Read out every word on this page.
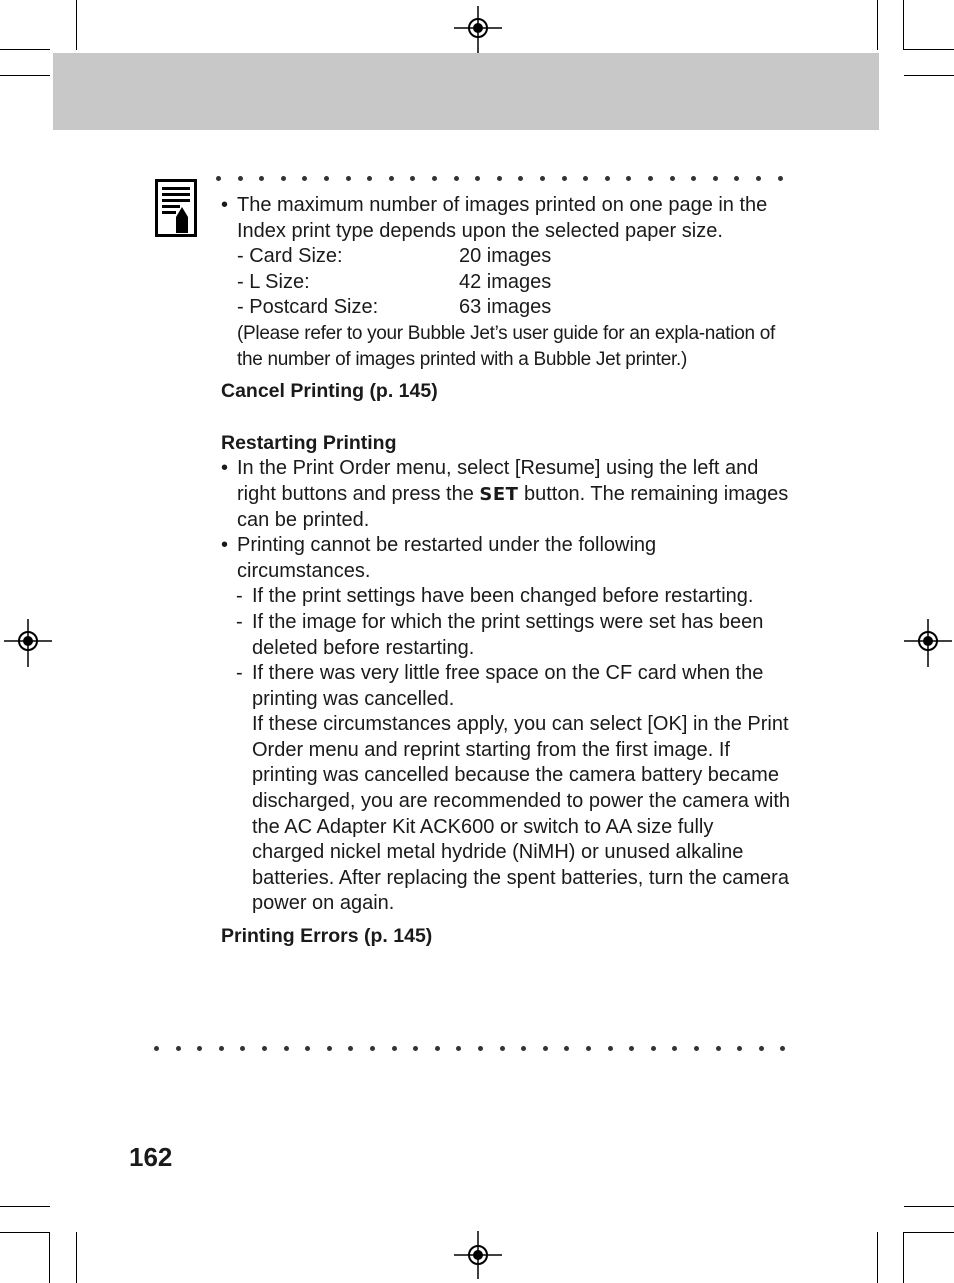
• The maximum number of images printed on one page in the Index print type depends upon the selected paper size.
- Card Size:	20 images
- L Size:	42 images
- Postcard Size:	63 images
(Please refer to your Bubble Jet’s user guide for an expla-nation of the number of images printed with a Bubble Jet printer.)
Cancel Printing (p. 145)
Restarting Printing
• In the Print Order menu, select [Resume] using the left and right buttons and press the SET button. The remaining images can be printed.
• Printing cannot be restarted under the following circumstances.
- If the print settings have been changed before restarting.
- If the image for which the print settings were set has been deleted before restarting.
- If there was very little free space on the CF card when the printing was cancelled.
If these circumstances apply, you can select [OK] in the Print Order menu and reprint starting from the first image. If printing was cancelled because the camera battery became discharged, you are recommended to power the camera with the AC Adapter Kit ACK600 or switch to AA size fully charged nickel metal hydride (NiMH) or unused alkaline batteries. After replacing the spent batteries, turn the camera power on again.
Printing Errors (p. 145)
162
